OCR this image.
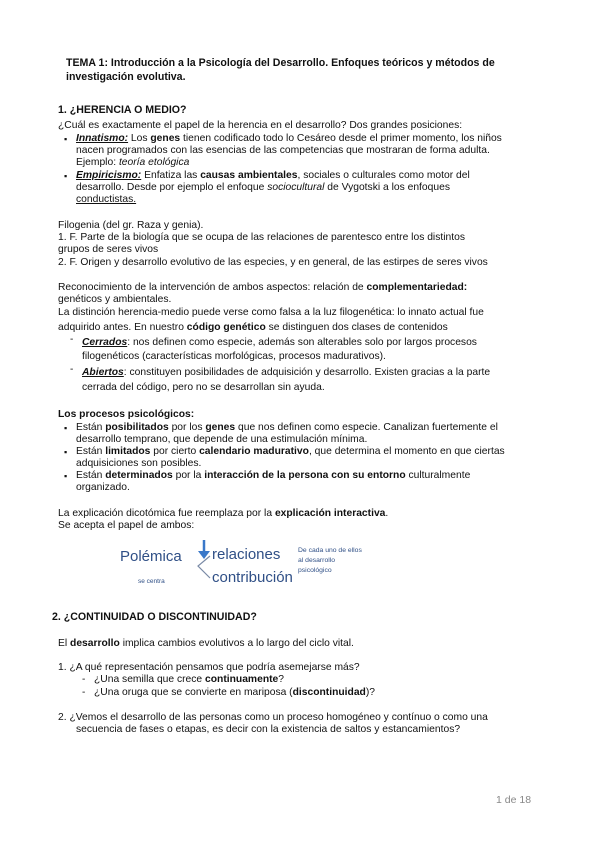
TEMA 1: Introducción a la Psicología del Desarrollo. Enfoques teóricos y métodos de investigación evolutiva.
1. ¿HERENCIA O MEDIO?
¿Cuál es exactamente el papel de la herencia en el desarrollo? Dos grandes posiciones:
▪ Innatismo: Los genes tienen codificado todo lo Cesáreo desde el primer momento, los niños
nacen programados con las esencias de las competencias que mostraran de forma adulta.
Ejemplo: teoría etológica
▪ Empiricismo: Enfatiza las causas ambientales, sociales o culturales como motor del
desarrollo. Desde por ejemplo el enfoque sociocultural de Vygotski a los enfoques
conductistas.
Filogenia (del gr. Raza y genia).
1. F. Parte de la biología que se ocupa de las relaciones de parentesco entre los distintos
grupos de seres vivos
2. F. Origen y desarrollo evolutivo de las especies, y en general, de las estirpes de seres vivos
Reconocimiento de la intervención de ambos aspectos: relación de complementariedad:
genéticos y ambientales.
La distinción herencia-medio puede verse como falsa a la luz filogenética: lo innato actual fue
adquirido antes. En nuestro código genético se distinguen dos clases de contenidos
- Cerrados: nos definen como especie, además son alterables solo por largos procesos
filogenéticos (características morfológicas, procesos madurativos).
- Abiertos: constituyen posibilidades de adquisición y desarrollo. Existen gracias a la parte
cerrada del código, pero no se desarrollan sin ayuda.
Los procesos psicológicos:
▪ Están posibilitados por los genes que nos definen como especie. Canalizan fuertemente el
desarrollo temprano, que depende de una estimulación mínima.
▪ Están limitados por cierto calendario madurativo, que determina el momento en que ciertas
adquisiciones son posibles.
▪ Están determinados por la interacción de la persona con su entorno culturalmente
organizado.
La explicación dicotómica fue reemplaza por la explicación interactiva.
Se acepta el papel de ambos:
Polémica
se centra
relaciones
contribución
De cada uno de ellos
al desarrollo
psicológico
2. ¿CONTINUIDAD O DISCONTINUIDAD?
El desarrollo implica cambios evolutivos a lo largo del ciclo vital.
1. ¿A qué representación pensamos que podría asemejarse más?
- ¿Una semilla que crece continuamente?
- ¿Una oruga que se convierte en mariposa (discontinuidad)?
2. ¿Vemos el desarrollo de las personas como un proceso homogéneo y contínuo o como una
secuencia de fases o etapas, es decir con la existencia de saltos y estancamientos?
1 de 18
